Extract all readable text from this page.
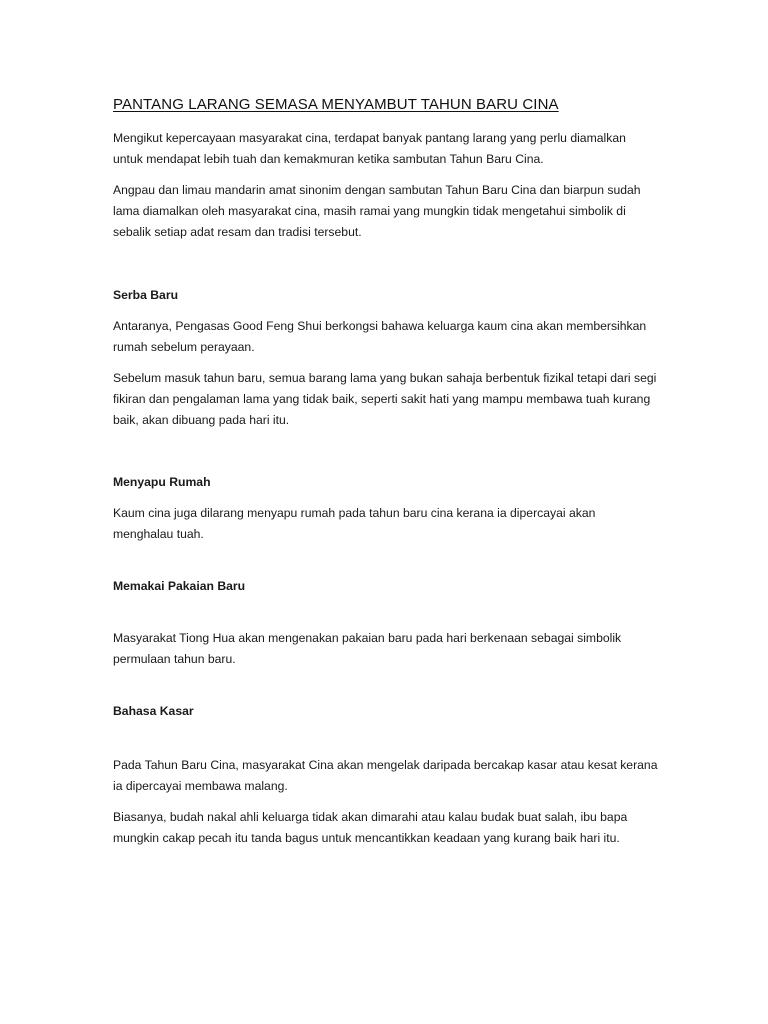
PANTANG LARANG SEMASA MENYAMBUT TAHUN BARU CINA

Mengikut kepercayaan masyarakat cina, terdapat banyak pantang larang yang perlu diamalkan untuk mendapat lebih tuah dan kemakmuran ketika sambutan Tahun Baru Cina.

Angpau dan limau mandarin amat sinonim dengan sambutan Tahun Baru Cina dan biarpun sudah lama diamalkan oleh masyarakat cina, masih ramai yang mungkin tidak mengetahui simbolik di sebalik setiap adat resam dan tradisi tersebut.

Serba Baru

Antaranya, Pengasas Good Feng Shui berkongsi bahawa keluarga kaum cina akan membersihkan rumah sebelum perayaan.

Sebelum masuk tahun baru, semua barang lama yang bukan sahaja berbentuk fizikal tetapi dari segi fikiran dan pengalaman lama yang tidak baik, seperti sakit hati yang mampu membawa tuah kurang baik, akan dibuang pada hari itu.

Menyapu Rumah

Kaum cina juga dilarang menyapu rumah pada tahun baru cina kerana ia dipercayai akan menghalau tuah.

Memakai Pakaian Baru

Masyarakat Tiong Hua akan mengenakan pakaian baru pada hari berkenaan sebagai simbolik permulaan tahun baru.

Bahasa Kasar

Pada Tahun Baru Cina, masyarakat Cina akan mengelak daripada bercakap kasar atau kesat kerana ia dipercayai membawa malang.

Biasanya, budah nakal ahli keluarga tidak akan dimarahi atau kalau budak buat salah, ibu bapa mungkin cakap pecah itu tanda bagus untuk mencantikkan keadaan yang kurang baik hari itu.
